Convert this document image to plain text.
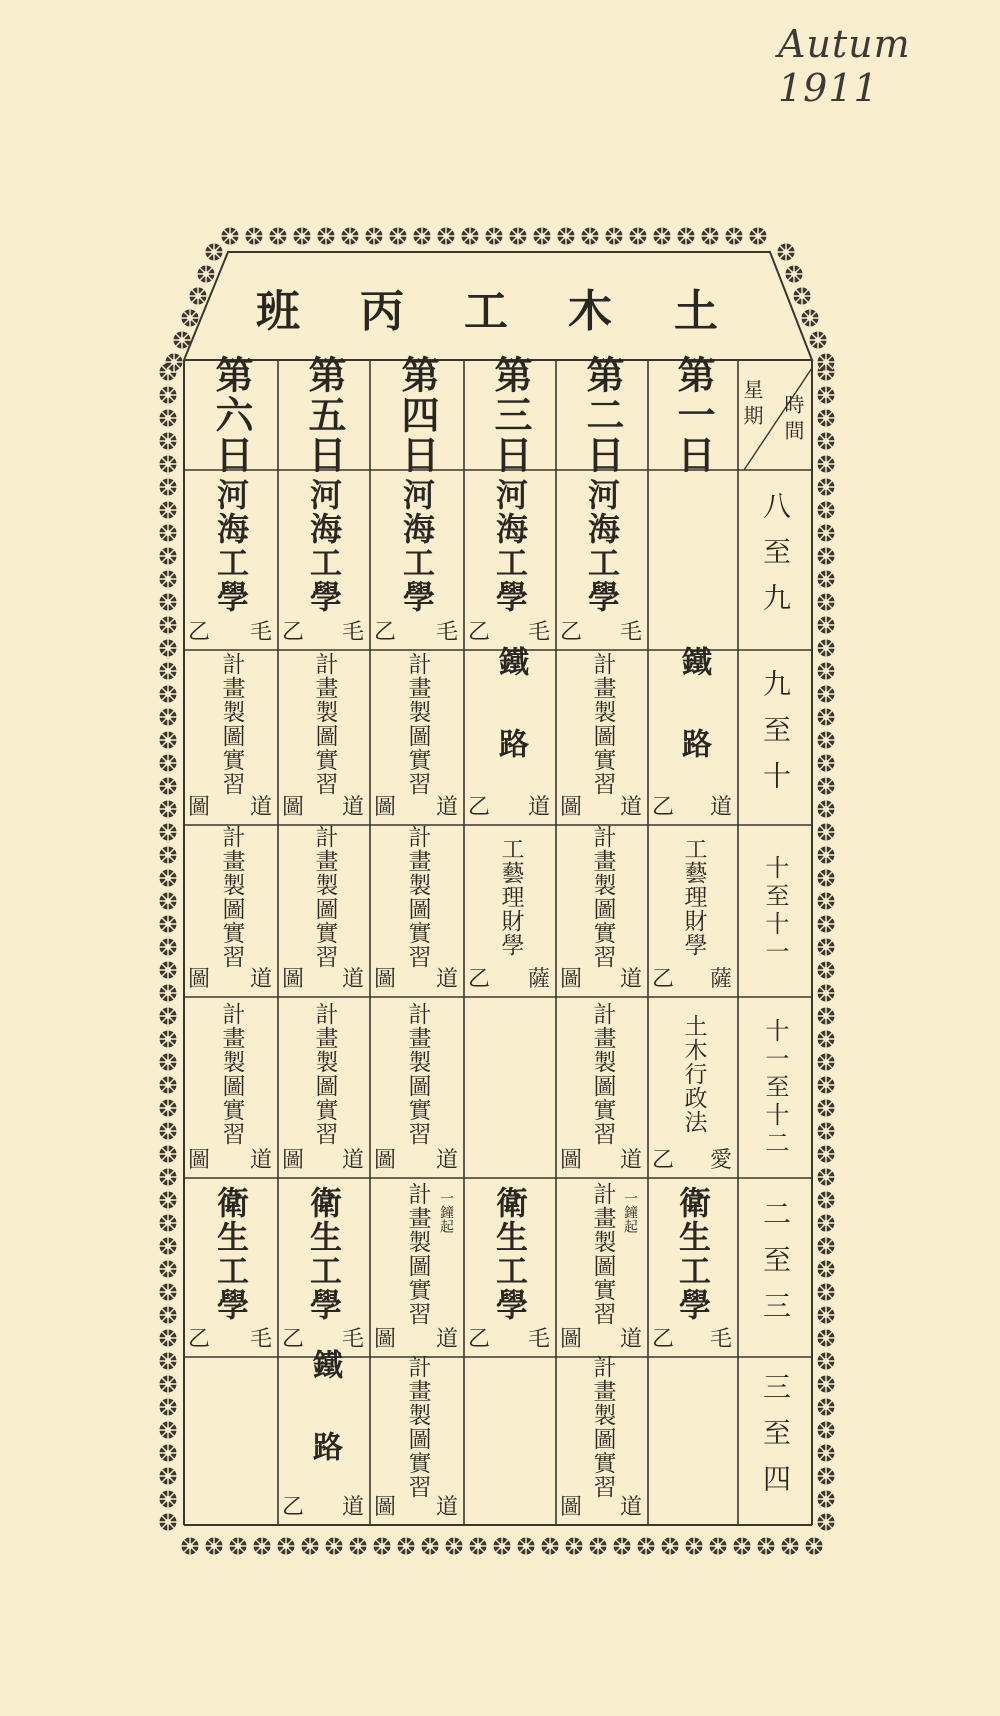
Autum 1911
土
木
工
丙
班
星期 時間
第一日
第二日
第三日
第四日
第五日
第六日
八至九
九至十
十至十一
十一至十二
二至三
三至四
河海工學
乙 毛
河海工學
乙 毛
河海工學
乙 毛
河海工學
乙 毛
河海工學
乙 毛
鐵路
乙 道
計畫製圖實習
圖 道
鐵路
乙 道
計畫製圖實習
圖 道
計畫製圖實習
圖 道
計畫製圖實習
圖 道
工藝理財學
乙 薩
計畫製圖實習
圖 道
工藝理財學
乙 薩
計畫製圖實習
圖 道
計畫製圖實習
圖 道
計畫製圖實習
圖 道
土木行政法
乙 愛
計畫製圖實習
圖 道
計畫製圖實習
圖 道
計畫製圖實習
圖 道
計畫製圖實習
圖 道
衛生工學
乙 毛
計畫製圖實習
圖 道
一鐘起
衛生工學
乙 毛
計畫製圖實習
圖 道
一鐘起
衛生工學
乙 毛
衛生工學
乙 毛
計畫製圖實習
圖 道
計畫製圖實習
圖 道
鐵路
乙 道
